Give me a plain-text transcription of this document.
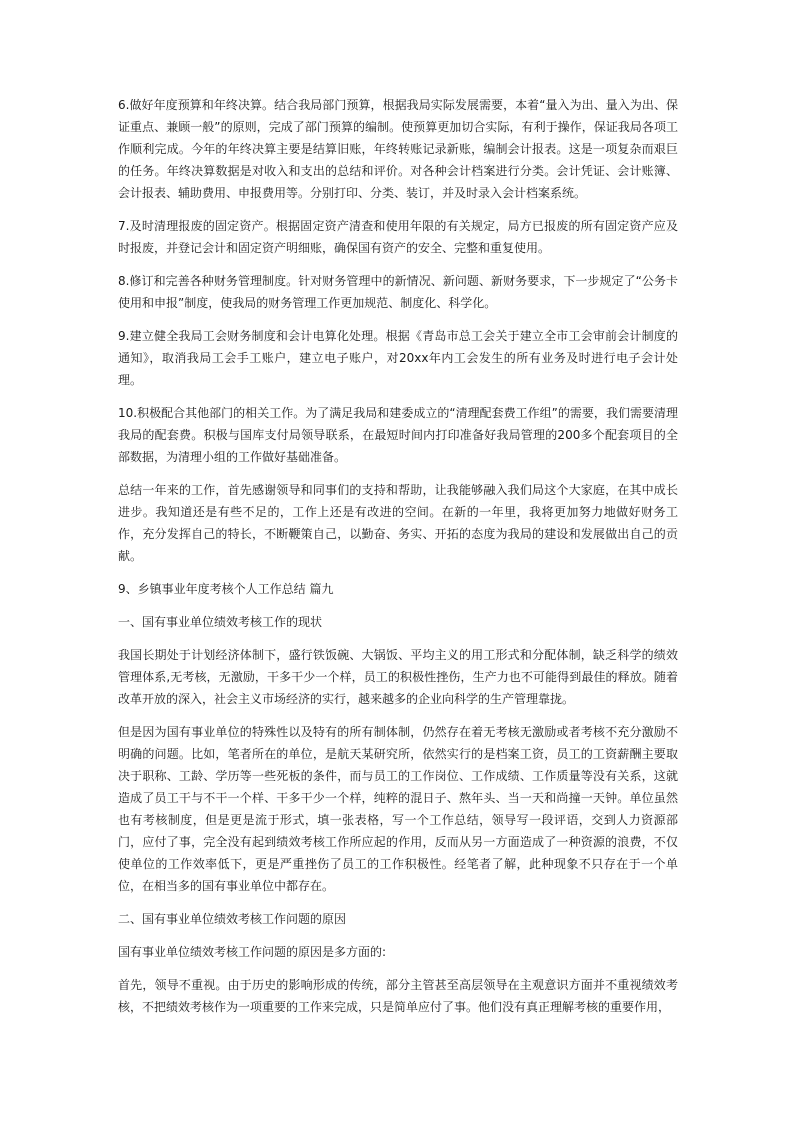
6.做好年度预算和年终决算。结合我局部门预算，根据我局实际发展需要，本着“量入为出、量入为出、保证重点、兼顾一般”的原则，完成了部门预算的编制。使预算更加切合实际，有利于操作，保证我局各项工作顺利完成。今年的年终决算主要是结算旧账，年终转账记录新账，编制会计报表。这是一项复杂而艰巨的任务。年终决算数据是对收入和支出的总结和评价。对各种会计档案进行分类。会计凭证、会计账簿、会计报表、辅助费用、申报费用等。分别打印、分类、装订，并及时录入会计档案系统。

7.及时清理报废的固定资产。根据固定资产清查和使用年限的有关规定，局方已报废的所有固定资产应及时报废，并登记会计和固定资产明细账，确保国有资产的安全、完整和重复使用。

8.修订和完善各种财务管理制度。针对财务管理中的新情况、新问题、新财务要求，下一步规定了“公务卡使用和申报”制度，使我局的财务管理工作更加规范、制度化、科学化。

9.建立健全我局工会财务制度和会计电算化处理。根据《青岛市总工会关于建立全市工会审前会计制度的通知》，取消我局工会手工账户，建立电子账户，对20xx年内工会发生的所有业务及时进行电子会计处理。

10.积极配合其他部门的相关工作。为了满足我局和建委成立的“清理配套费工作组”的需要，我们需要清理我局的配套费。积极与国库支付局领导联系，在最短时间内打印准备好我局管理的200多个配套项目的全部数据，为清理小组的工作做好基础准备。

总结一年来的工作，首先感谢领导和同事们的支持和帮助，让我能够融入我们局这个大家庭，在其中成长进步。我知道还是有些不足的，工作上还是有改进的空间。在新的一年里，我将更加努力地做好财务工作，充分发挥自己的特长，不断鞭策自己，以勤奋、务实、开拓的态度为我局的建设和发展做出自己的贡献。

9、乡镇事业年度考核个人工作总结 篇九

一、国有事业单位绩效考核工作的现状

我国长期处于计划经济体制下，盛行铁饭碗、大锅饭、平均主义的用工形式和分配体制，缺乏科学的绩效管理体系,无考核，无激励，干多干少一个样，员工的积极性挫伤，生产力也不可能得到最佳的释放。随着改革开放的深入，社会主义市场经济的实行，越来越多的企业向科学的生产管理靠拢。

但是因为国有事业单位的特殊性以及特有的所有制体制，仍然存在着无考核无激励或者考核不充分激励不明确的问题。比如，笔者所在的单位，是航天某研究所，依然实行的是档案工资，员工的工资薪酬主要取决于职称、工龄、学历等一些死板的条件，而与员工的工作岗位、工作成绩、工作质量等没有关系，这就造成了员工干与不干一个样、干多干少一个样，纯粹的混日子、熬年头、当一天和尚撞一天钟。单位虽然也有考核制度，但是更是流于形式，填一张表格，写一个工作总结，领导写一段评语，交到人力资源部门，应付了事，完全没有起到绩效考核工作所应起的作用，反而从另一方面造成了一种资源的浪费，不仅使单位的工作效率低下，更是严重挫伤了员工的工作积极性。经笔者了解，此种现象不只存在于一个单位，在相当多的国有事业单位中都存在。

二、国有事业单位绩效考核工作问题的原因

国有事业单位绩效考核工作问题的原因是多方面的:

首先，领导不重视。由于历史的影响形成的传统，部分主管甚至高层领导在主观意识方面并不重视绩效考核，不把绩效考核作为一项重要的工作来完成，只是简单应付了事。他们没有真正理解考核的重要作用，
